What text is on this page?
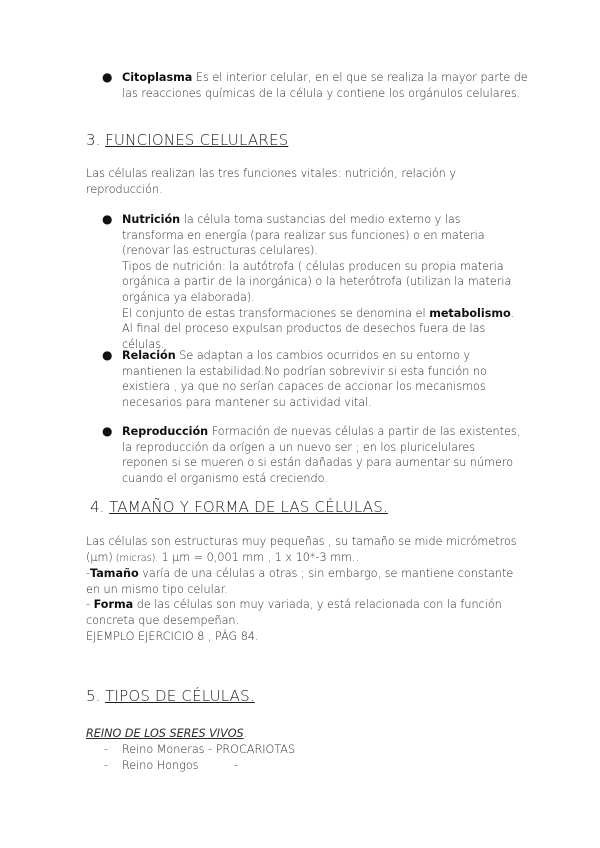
● Citoplasma Es el interior celular, en el que se realiza la mayor parte de
las reacciones químicas de la célula y contiene los orgánulos celulares.
3. FUNCIONES CELULARES
Las células realizan las tres funciones vitales: nutrición, relación y
reproducción.
● Nutrición la célula toma sustancias del medio externo y las
transforma en energía (para realizar sus funciones) o en materia
(renovar las estructuras celulares).
Tipos de nutrición: la autótrofa ( células producen su propia materia
orgánica a partir de la inorgánica) o la heterótrofa (utilizan la materia
orgánica ya elaborada).
El conjunto de estas transformaciones se denomina el metabolismo.
Al final del proceso expulsan productos de desechos fuera de las
células.
● Relación Se adaptan a los cambios ocurridos en su entorno y
mantienen la estabilidad.No podrían sobrevivir si esta función no
existiera , ya que no serían capaces de accionar los mecanismos
necesarios para mantener su actividad vital.
● Reproducción Formación de nuevas células a partir de las existentes,
la reproducción da orígen a un nuevo ser ; en los pluricelulares
reponen si se mueren o si están dañadas y para aumentar su número
cuando el organismo está creciendo.
4. TAMAÑO Y FORMA DE LAS CÉLULAS.
Las células son estructuras muy pequeñas , su tamaño se mide micrómetros
(µm) (micras). 1 µm = 0,001 mm , 1 x 10*-3 mm..
-Tamaño varía de una células a otras ; sin embargo, se mantiene constante
en un mismo tipo celular.
- Forma de las células son muy variada, y está relacionada con la función
concreta que desempeñan.
EJEMPLO EJERCICIO 8 , PÁG 84.
5. TIPOS DE CÉLULAS.
REINO DE LOS SERES VIVOS.
- Reino Moneras - PROCARIOTAS
- Reino Hongos          -
